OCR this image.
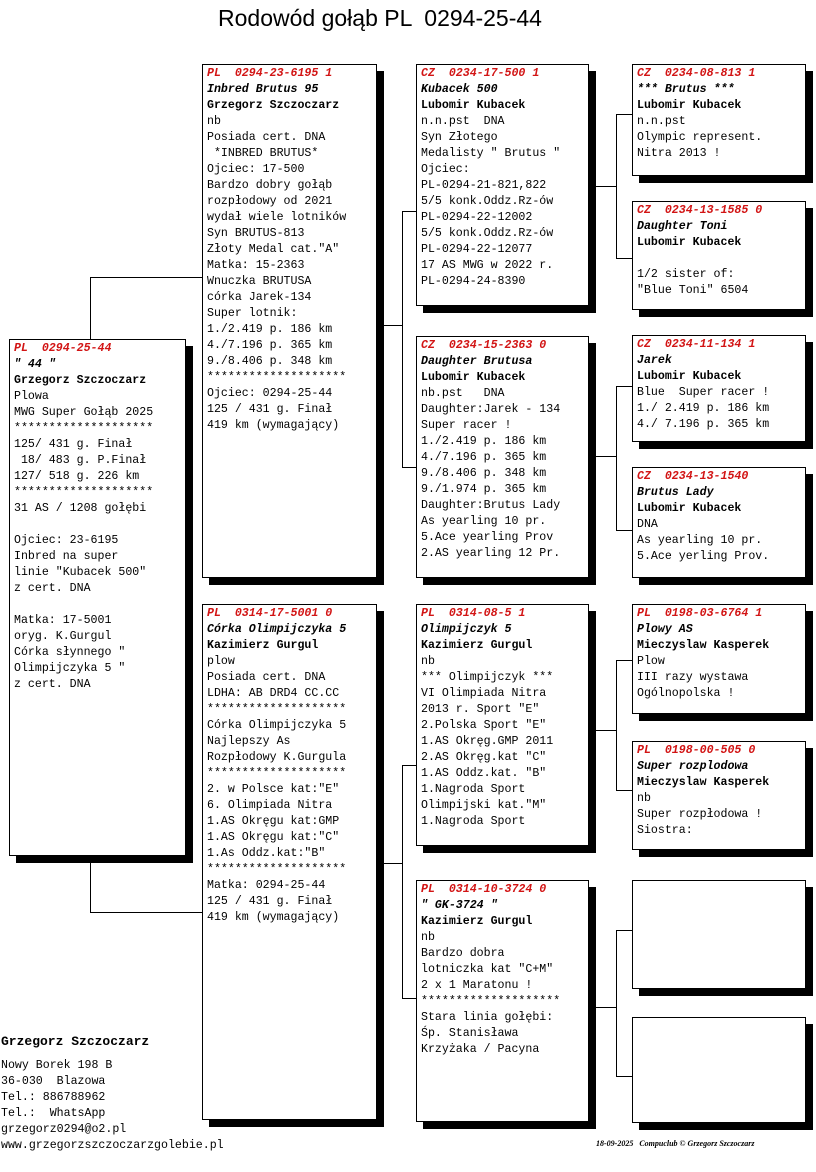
Rodowód gołąb PL  0294-25-44
PL  0294-25-44
" 44 "
Grzegorz Szczoczarz
Plowa
MWG Super Gołąb 2025
********************
125/ 431 g. Finał
18/ 483 g. P.Finał
127/ 518 g. 226 km
********************
31 AS / 1208 gołębi
Ojciec: 23-6195
Inbred na super
linie "Kubacek 500"
z cert. DNA
Matka: 17-5001
oryg. K.Gurgul
Córka słynnego "
Olimpijczyka 5 "
z cert. DNA
PL  0294-23-6195 1
Inbred Brutus 95
Grzegorz Szczoczarz
nb
Posiada cert. DNA
*INBRED BRUTUS*
Ojciec: 17-500
Bardzo dobry gołąb
rozpłodowy od 2021
wydał wiele lotników
Syn BRUTUS-813
Złoty Medal cat."A"
Matka: 15-2363
Wnuczka BRUTUSA
córka Jarek-134
Super lotnik:
1./2.419 p. 186 km
4./7.196 p. 365 km
9./8.406 p. 348 km
********************
Ojciec: 0294-25-44
125 / 431 g. Finał
419 km (wymagający)
PL  0314-17-5001 0
Córka Olimpijczyka 5
Kazimierz Gurgul
plow
Posiada cert. DNA
LDHA: AB DRD4 CC.CC
********************
Córka Olimpijczyka 5
Najlepszy As
Rozpłodowy K.Gurgula
********************
2. w Polsce kat:"E"
6. Olimpiada Nitra
1.AS Okręgu kat:GMP
1.AS Okręgu kat:"C"
1.As Oddz.kat:"B"
********************
Matka: 0294-25-44
125 / 431 g. Finał
419 km (wymagający)
CZ  0234-17-500 1
Kubacek 500
Lubomir Kubacek
n.n.pst  DNA
Syn Złotego
Medalisty " Brutus "
Ojciec:
PL-0294-21-821,822
5/5 konk.Oddz.Rz-ów
PL-0294-22-12002
5/5 konk.Oddz.Rz-ów
PL-0294-22-12077
17 AS MWG w 2022 r.
PL-0294-24-8390
CZ  0234-15-2363 0
Daughter Brutusa
Lubomir Kubacek
nb.pst   DNA
Daughter:Jarek - 134
Super racer !
1./2.419 p. 186 km
4./7.196 p. 365 km
9./8.406 p. 348 km
9./1.974 p. 365 km
Daughter:Brutus Lady
As yearling 10 pr.
5.Ace yearling Prov
2.AS yearling 12 Pr.
PL  0314-08-5 1
Olimpijczyk 5
Kazimierz Gurgul
nb
*** Olimpijczyk ***
VI Olimpiada Nitra
2013 r. Sport "E"
2.Polska Sport "E"
1.AS Okręg.GMP 2011
2.AS Okręg.kat "C"
1.AS Oddz.kat. "B"
1.Nagroda Sport
Olimpijski kat."M"
1.Nagroda Sport
PL  0314-10-3724 0
" GK-3724 "
Kazimierz Gurgul
nb
Bardzo dobra
lotniczka kat "C+M"
2 x 1 Maratonu !
********************
Stara linia gołębi:
Śp. Stanisława
Krzyżaka / Pacyna
CZ  0234-08-813 1
*** Brutus ***
Lubomir Kubacek
n.n.pst
Olympic represent.
Nitra 2013 !
CZ  0234-13-1585 0
Daughter Toni
Lubomir Kubacek
1/2 sister of:
"Blue Toni" 6504
CZ  0234-11-134 1
Jarek
Lubomir Kubacek
Blue  Super racer !
1./ 2.419 p. 186 km
4./ 7.196 p. 365 km
CZ  0234-13-1540
Brutus Lady
Lubomir Kubacek
DNA
As yearling 10 pr.
5.Ace yerling Prov.
PL  0198-03-6764 1
Plowy AS
Mieczyslaw Kasperek
Plow
III razy wystawa
Ogólnopolska !
PL  0198-00-505 0
Super rozplodowa
Mieczyslaw Kasperek
nb
Super rozpłodowa !
Siostra:
Grzegorz Szczoczarz
Nowy Borek 198 B
36-030  Blazowa
Tel.: 886788962
Tel.:  WhatsApp
grzegorz0294@o2.pl
www.grzegorzszczoczarzgolebie.pl	18-09-2025   Compuclub © Grzegorz Szczoczarz
